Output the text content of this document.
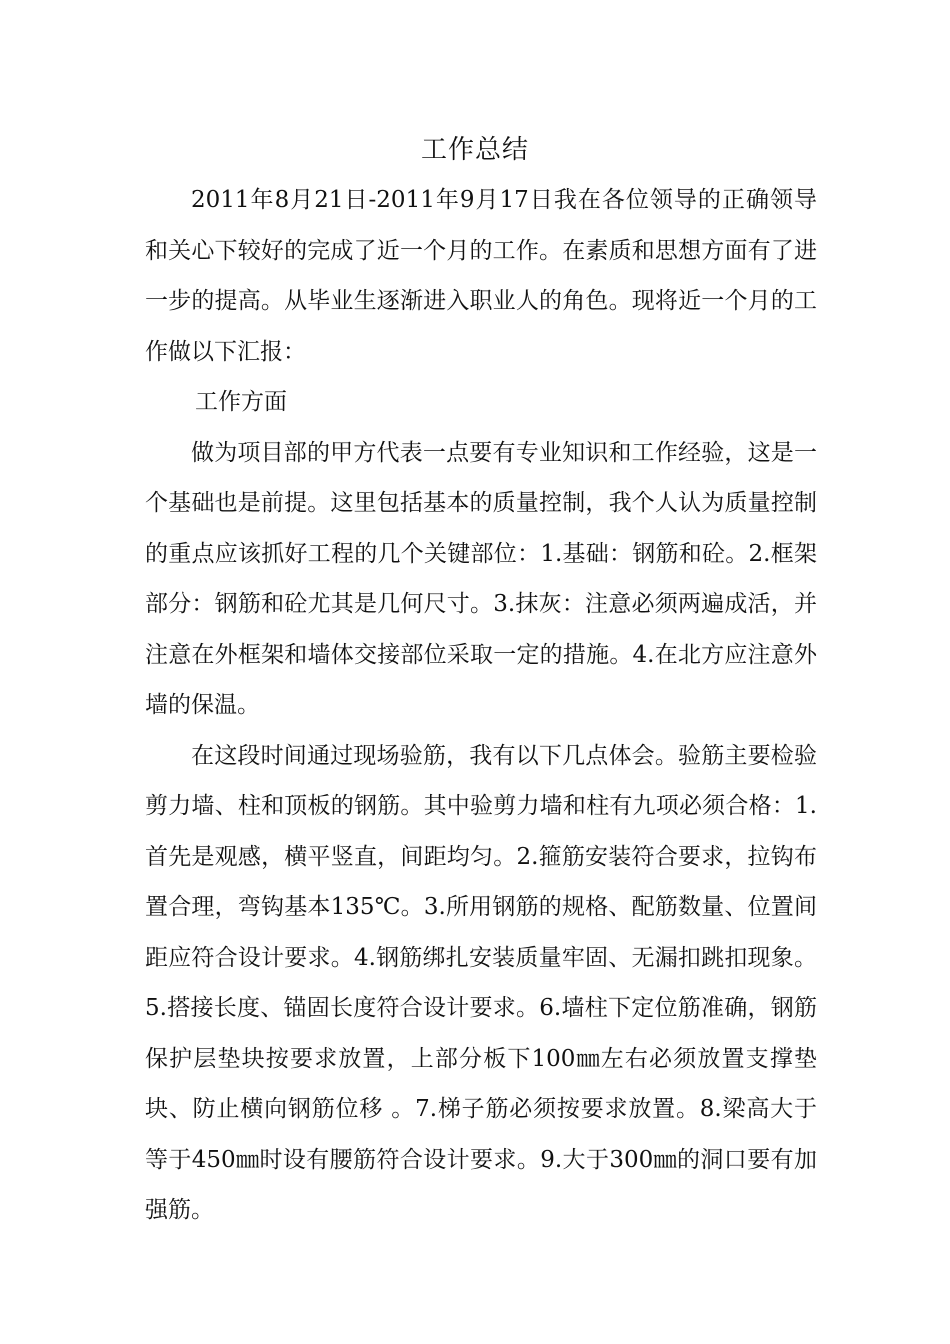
工作总结

2011年8月21日-2011年9月17日我在各位领导的正确领导和关心下较好的完成了近一个月的工作。在素质和思想方面有了进一步的提高。从毕业生逐渐进入职业人的角色。现将近一个月的工作做以下汇报：

工作方面

做为项目部的甲方代表一点要有专业知识和工作经验，这是一个基础也是前提。这里包括基本的质量控制，我个人认为质量控制的重点应该抓好工程的几个关键部位：1.基础：钢筋和砼。2.框架部分：钢筋和砼尤其是几何尺寸。3.抹灰：注意必须两遍成活，并注意在外框架和墙体交接部位采取一定的措施。4.在北方应注意外墙的保温。

在这段时间通过现场验筋，我有以下几点体会。验筋主要检验剪力墙、柱和顶板的钢筋。其中验剪力墙和柱有九项必须合格：1.首先是观感，横平竖直，间距均匀。2.箍筋安装符合要求，拉钩布置合理，弯钩基本135℃。3.所用钢筋的规格、配筋数量、位置间距应符合设计要求。4.钢筋绑扎安装质量牢固、无漏扣跳扣现象。5.搭接长度、锚固长度符合设计要求。6.墙柱下定位筋准确，钢筋保护层垫块按要求放置，上部分板下100㎜左右必须放置支撑垫块、防止横向钢筋位移 。7.梯子筋必须按要求放置。8.梁高大于等于450㎜时设有腰筋符合设计要求。9.大于300㎜的洞口要有加强筋。
